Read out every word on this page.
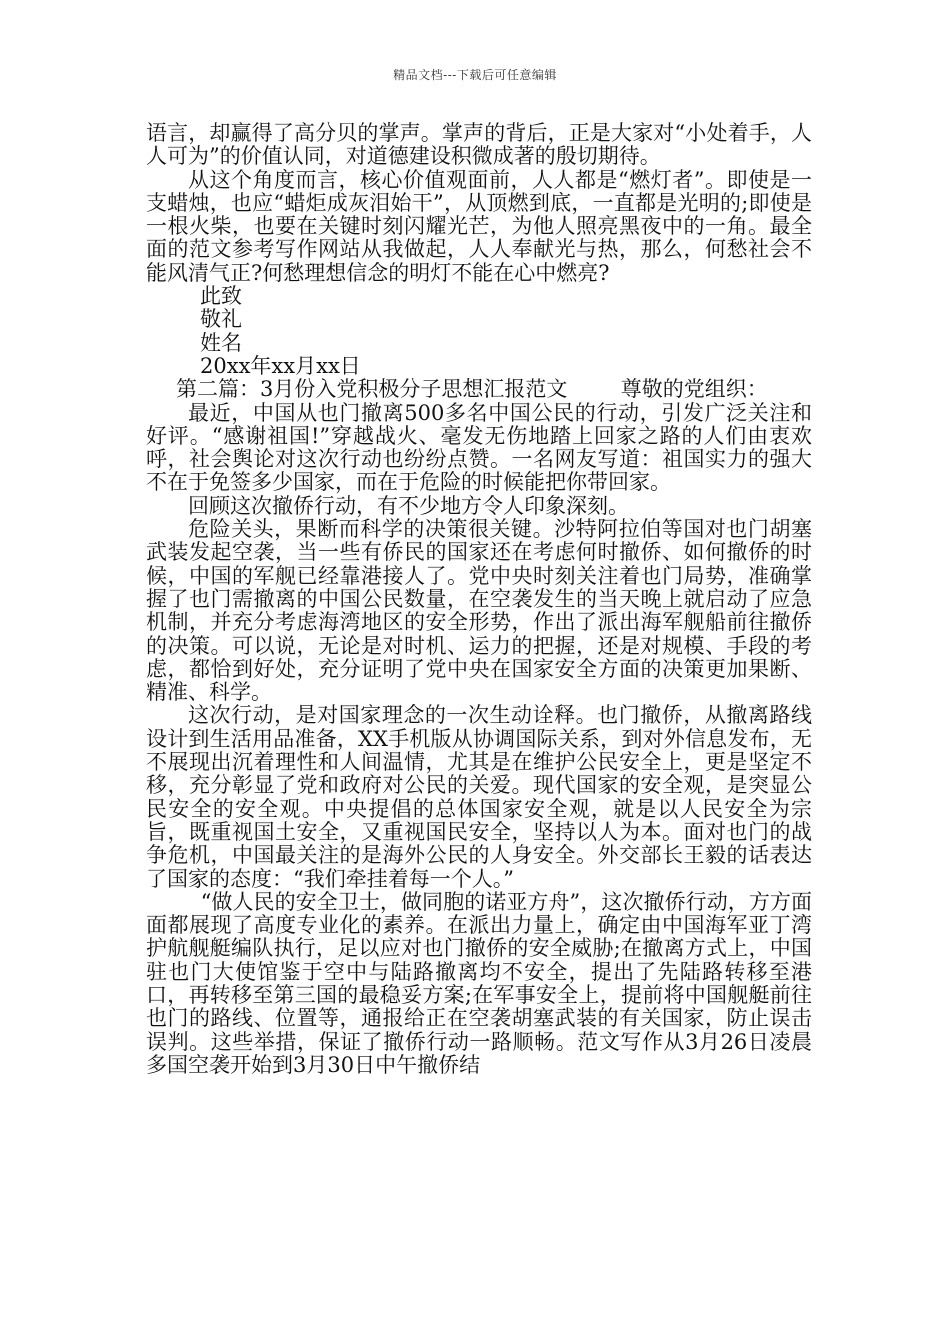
精品文档---下载后可任意编辑

语言，却赢得了高分贝的掌声。掌声的背后，正是大家对“小处着手，人人可为”的价值认同，对道德建设积微成著的殷切期待。

从这个角度而言，核心价值观面前，人人都是“燃灯者”。即使是一支蜡烛，也应“蜡炬成灰泪始干”，从顶燃到底，一直都是光明的;即使是一根火柴，也要在关键时刻闪耀光芒，为他人照亮黑夜中的一角。最全面的范文参考写作网站从我做起，人人奉献光与热，那么，何愁社会不能风清气正?何愁理想信念的明灯不能在心中燃亮?

此致

敬礼

姓名

20xx年xx月xx日

第二篇：3月份入党积极分子思想汇报范文        尊敬的党组织：

最近，中国从也门撤离500多名中国公民的行动，引发广泛关注和好评。“感谢祖国!”穿越战火、毫发无伤地踏上回家之路的人们由衷欢呼，社会舆论对这次行动也纷纷点赞。一名网友写道：祖国实力的强大不在于免签多少国家，而在于危险的时候能把你带回家。

回顾这次撤侨行动，有不少地方令人印象深刻。

危险关头，果断而科学的决策很关键。沙特阿拉伯等国对也门胡塞武装发起空袭，当一些有侨民的国家还在考虑何时撤侨、如何撤侨的时候，中国的军舰已经靠港接人了。党中央时刻关注着也门局势，准确掌握了也门需撤离的中国公民数量，在空袭发生的当天晚上就启动了应急机制，并充分考虑海湾地区的安全形势，作出了派出海军舰船前往撤侨的决策。可以说，无论是对时机、运力的把握，还是对规模、手段的考虑，都恰到好处，充分证明了党中央在国家安全方面的决策更加果断、精准、科学。

这次行动，是对国家理念的一次生动诠释。也门撤侨，从撤离路线设计到生活用品准备，XX手机版从协调国际关系，到对外信息发布，无不展现出沉着理性和人间温情，尤其是在维护公民安全上，更是坚定不移，充分彰显了党和政府对公民的关爱。现代国家的安全观，是突显公民安全的安全观。中央提倡的总体国家安全观，就是以人民安全为宗旨，既重视国土安全，又重视国民安全，坚持以人为本。面对也门的战争危机，中国最关注的是海外公民的人身安全。外交部长王毅的话表达了国家的态度：“我们牵挂着每一个人。”

“做人民的安全卫士，做同胞的诺亚方舟”，这次撤侨行动，方方面面都展现了高度专业化的素养。在派出力量上，确定由中国海军亚丁湾护航舰艇编队执行，足以应对也门撤侨的安全威胁;在撤离方式上，中国驻也门大使馆鉴于空中与陆路撤离均不安全，提出了先陆路转移至港口，再转移至第三国的最稳妥方案;在军事安全上，提前将中国舰艇前往也门的路线、位置等，通报给正在空袭胡塞武装的有关国家，防止误击误判。这些举措，保证了撤侨行动一路顺畅。范文写作从3月26日凌晨多国空袭开始到3月30日中午撤侨结
